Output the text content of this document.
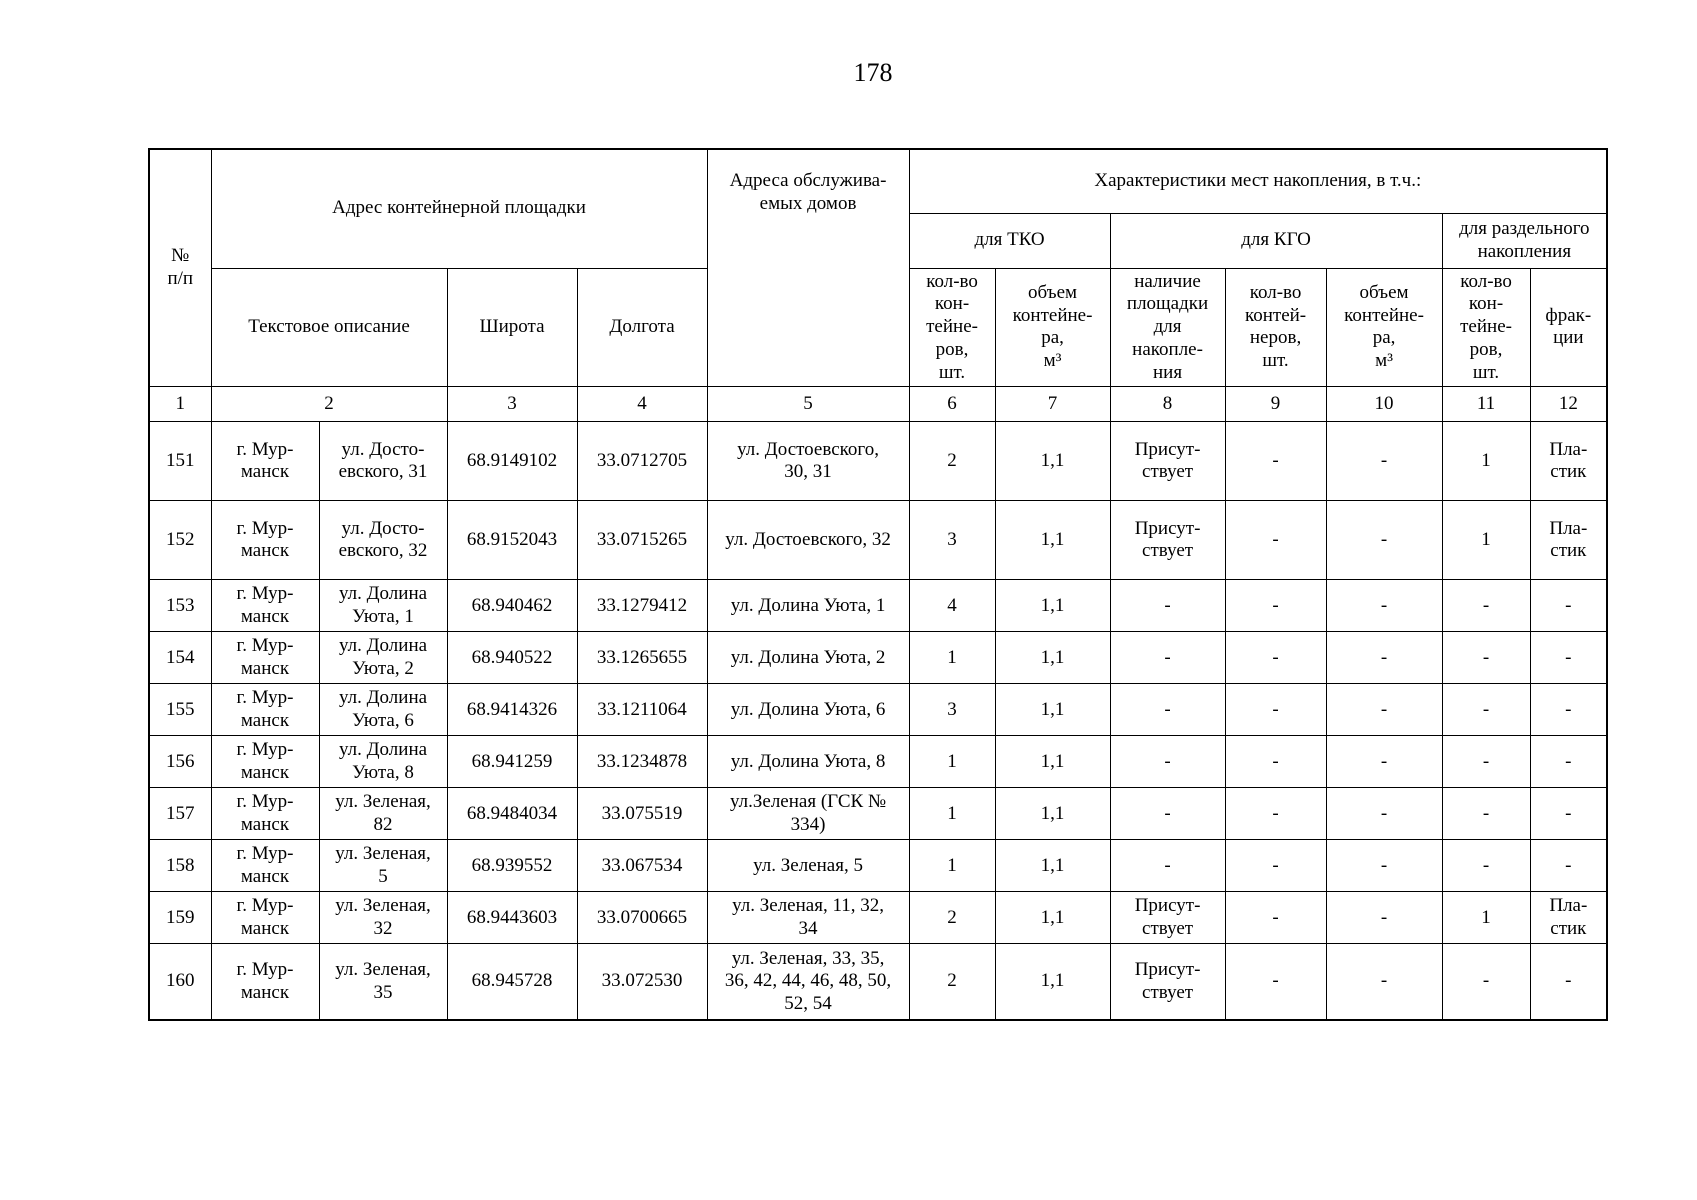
178
№
п/п	Адрес контейнерной площадки				Адреса обслужива-
емых домов	Характеристики мест накопления, в т.ч.:						
						для ТКО		для КГО			для раздельного
накопления	
	Текстовое описание		Широта	Долгота		кол-во
кон-
тейне-
ров,
шт.	объем
контейне-
ра,
м³	наличие
площадки
для
накопле-
ния	кол-во
контей-
неров,
шт.	объем
контейне-
ра,
м³	кол-во
кон-
тейне-
ров,
шт.	фрак-
ции
1	2		3	4	5	6	7	8	9	10	11	12
151	г. Мур-
манск	ул. Досто-
евского, 31	68.9149102	33.0712705	ул. Достоевского,
30, 31	2	1,1	Присут-
ствует	-	-	1	Пла-
стик
152	г. Мур-
манск	ул. Досто-
евского, 32	68.9152043	33.0715265	ул. Достоевского, 32	3	1,1	Присут-
ствует	-	-	1	Пла-
стик
153	г. Мур-
манск	ул. Долина
Уюта, 1	68.940462	33.1279412	ул. Долина Уюта, 1	4	1,1	-	-	-	-	-
154	г. Мур-
манск	ул. Долина
Уюта, 2	68.940522	33.1265655	ул. Долина Уюта, 2	1	1,1	-	-	-	-	-
155	г. Мур-
манск	ул. Долина
Уюта, 6	68.9414326	33.1211064	ул. Долина Уюта, 6	3	1,1	-	-	-	-	-
156	г. Мур-
манск	ул. Долина
Уюта, 8	68.941259	33.1234878	ул. Долина Уюта, 8	1	1,1	-	-	-	-	-
157	г. Мур-
манск	ул. Зеленая,
82	68.9484034	33.075519	ул.Зеленая (ГСК №
334)	1	1,1	-	-	-	-	-
158	г. Мур-
манск	ул. Зеленая,
5	68.939552	33.067534	ул. Зеленая, 5	1	1,1	-	-	-	-	-
159	г. Мур-
манск	ул. Зеленая,
32	68.9443603	33.0700665	ул. Зеленая, 11, 32,
34	2	1,1	Присут-
ствует	-	-	1	Пла-
стик
160	г. Мур-
манск	ул. Зеленая,
35	68.945728	33.072530	ул. Зеленая, 33, 35,
36, 42, 44, 46, 48, 50,
52, 54	2	1,1	Присут-
ствует	-	-	-	-
